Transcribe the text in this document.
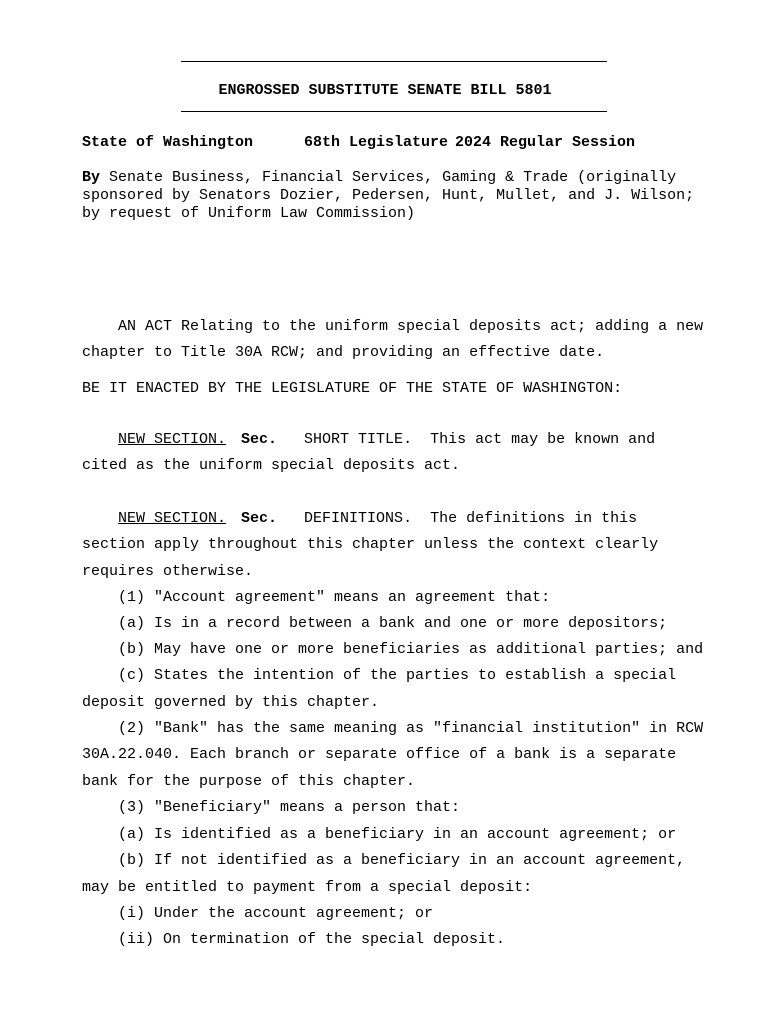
ENGROSSED SUBSTITUTE SENATE BILL 5801
State of Washington	68th Legislature 2024 Regular Session
By Senate Business, Financial Services, Gaming & Trade (originally
sponsored by Senators Dozier, Pedersen, Hunt, Mullet, and J. Wilson;
by request of Uniform Law Commission)
AN ACT Relating to the uniform special deposits act; adding a new
chapter to Title 30A RCW; and providing an effective date.
BE IT ENACTED BY THE LEGISLATURE OF THE STATE OF WASHINGTON:
NEW SECTION. Sec. SHORT TITLE. This act may be known and
cited as the uniform special deposits act.
NEW SECTION. Sec. DEFINITIONS. The definitions in this
section apply throughout this chapter unless the context clearly
requires otherwise.
(1) "Account agreement" means an agreement that:
(a) Is in a record between a bank and one or more depositors;
(b) May have one or more beneficiaries as additional parties; and
(c) States the intention of the parties to establish a special
deposit governed by this chapter.
(2) "Bank" has the same meaning as "financial institution" in RCW
30A.22.040. Each branch or separate office of a bank is a separate
bank for the purpose of this chapter.
(3) "Beneficiary" means a person that:
(a) Is identified as a beneficiary in an account agreement; or
(b) If not identified as a beneficiary in an account agreement,
may be entitled to payment from a special deposit:
(i) Under the account agreement; or
(ii) On termination of the special deposit.
